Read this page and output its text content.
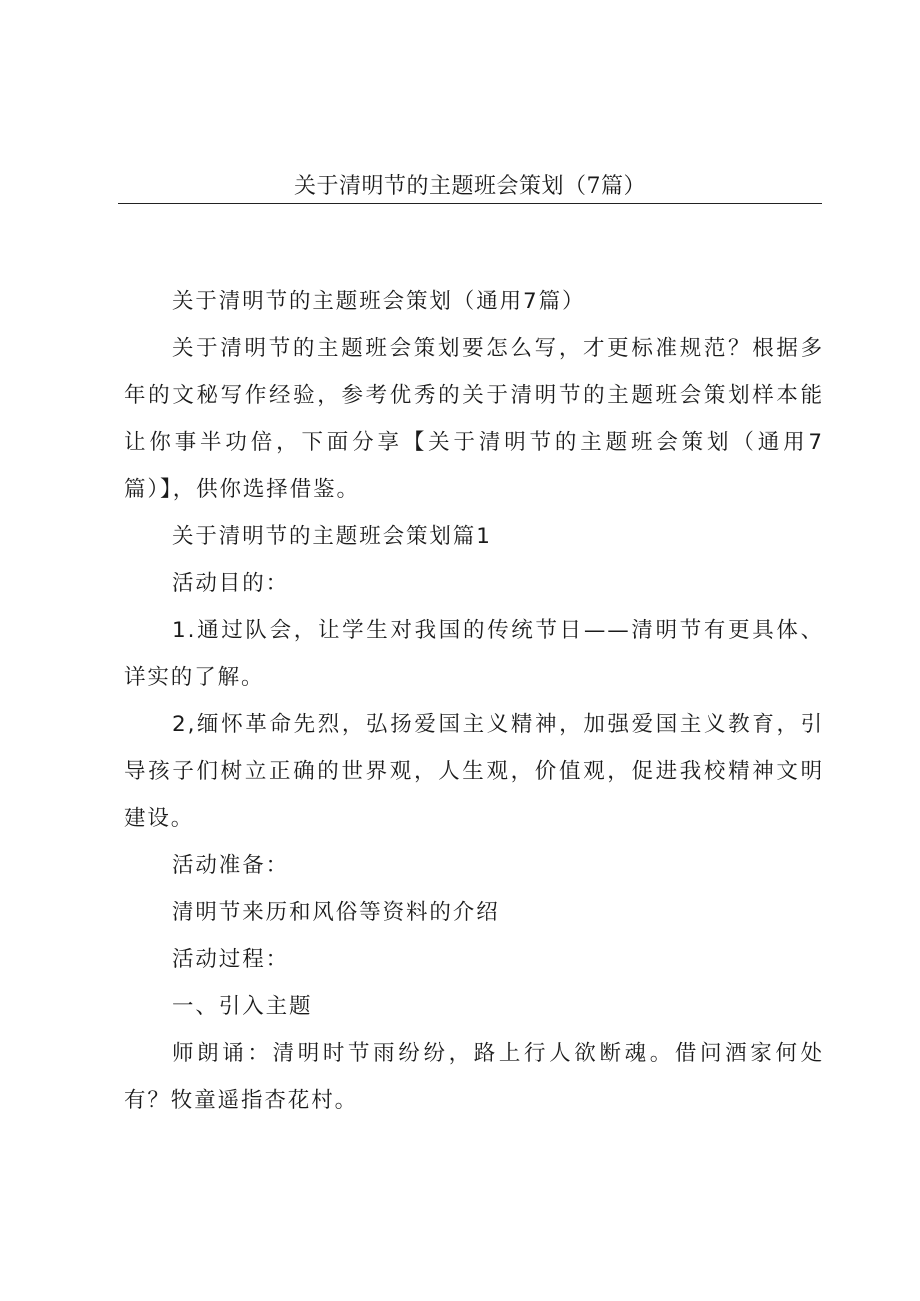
关于清明节的主题班会策划（7篇）

关于清明节的主题班会策划（通用7篇）

关于清明节的主题班会策划要怎么写，才更标准规范？根据多年的文秘写作经验，参考优秀的关于清明节的主题班会策划样本能让你事半功倍，下面分享【关于清明节的主题班会策划（通用7篇）】，供你选择借鉴。

关于清明节的主题班会策划篇1

活动目的：

1.通过队会，让学生对我国的传统节日——清明节有更具体、详实的了解。

2,缅怀革命先烈，弘扬爱国主义精神，加强爱国主义教育，引导孩子们树立正确的世界观，人生观，价值观，促进我校精神文明建设。

活动准备：

清明节来历和风俗等资料的介绍

活动过程：

一、引入主题

师朗诵：清明时节雨纷纷，路上行人欲断魂。借问酒家何处有？牧童遥指杏花村。
